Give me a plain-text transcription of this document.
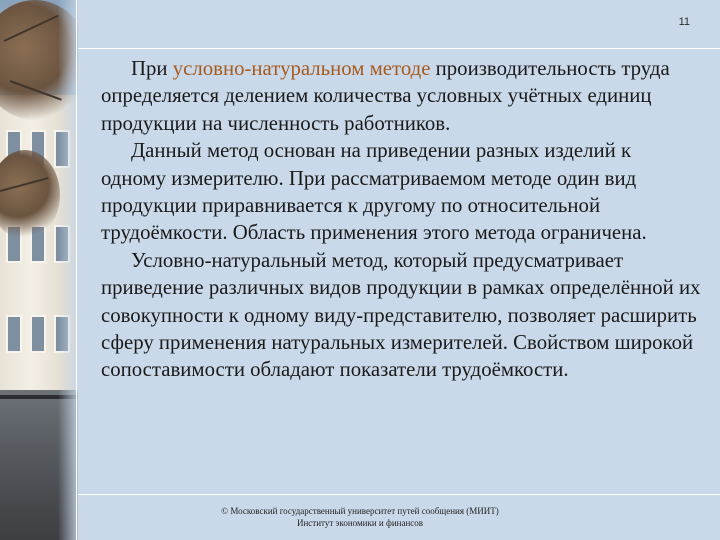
11

При условно-натуральном методе производительность труда определяется делением количества условных учётных единиц продукции на численность работников.

Данный метод основан на приведении разных изделий к одному измерителю. При рассматриваемом методе один вид продукции приравнивается к другому по относительной трудоёмкости. Область применения этого метода ограничена.

Условно-натуральный метод, который предусматривает приведение различных видов продукции в рамках определённой их совокупности к одному виду-представителю, позволяет расширить сферу применения натуральных измерителей. Свойством широкой сопоставимости обладают показатели трудоёмкости.

© Московский государственный университет путей сообщения (МИИТ)
Институт экономики и финансов
